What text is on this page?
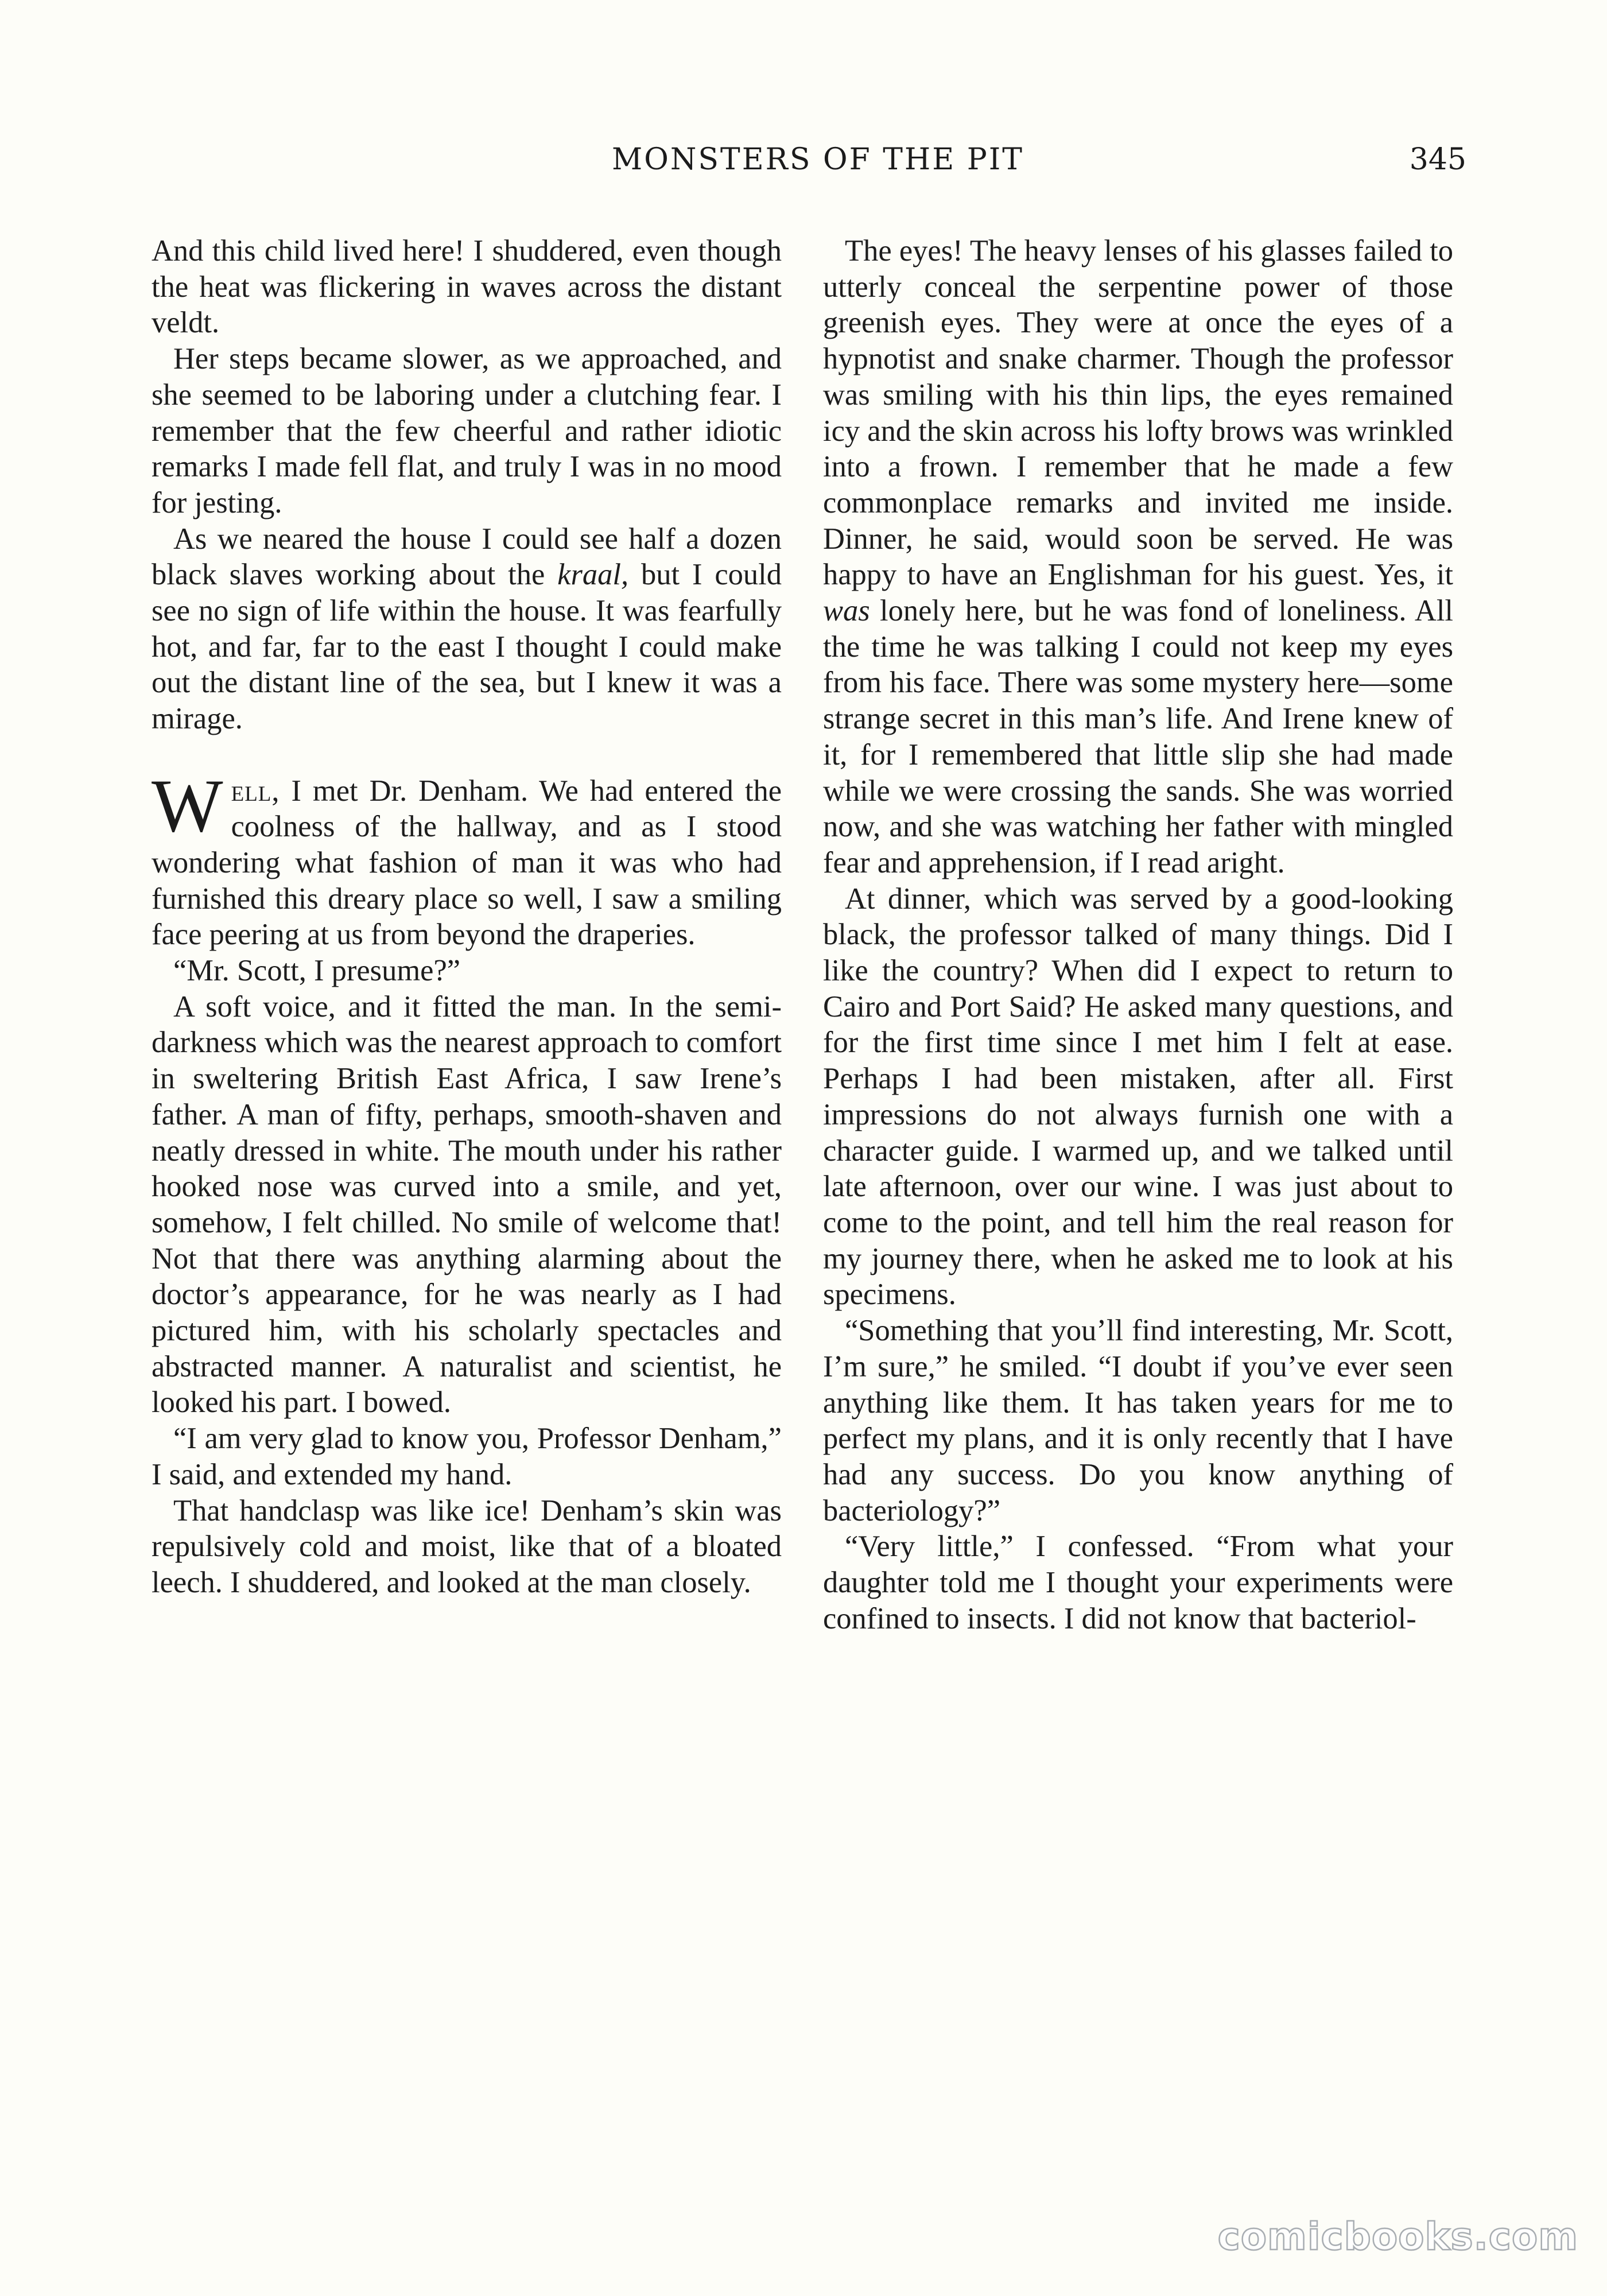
MONSTERS OF THE PIT	345

And this child lived here! I shuddered, even though the heat was flickering in waves across the distant veldt.

Her steps became slower, as we approached, and she seemed to be laboring under a clutching fear. I remember that the few cheerful and rather idiotic remarks I made fell flat, and truly I was in no mood for jesting.

As we neared the house I could see half a dozen black slaves working about the kraal, but I could see no sign of life within the house. It was fearfully hot, and far, far to the east I thought I could make out the distant line of the sea, but I knew it was a mirage.

Well, I met Dr. Denham. We had entered the coolness of the hallway, and as I stood wondering what fashion of man it was who had furnished this dreary place so well, I saw a smiling face peering at us from beyond the draperies.

“Mr. Scott, I presume?”

A soft voice, and it fitted the man. In the semi-darkness which was the nearest approach to comfort in sweltering British East Africa, I saw Irene’s father. A man of fifty, perhaps, smooth-shaven and neatly dressed in white. The mouth under his rather hooked nose was curved into a smile, and yet, somehow, I felt chilled. No smile of welcome that! Not that there was anything alarming about the doctor’s appearance, for he was nearly as I had pictured him, with his scholarly spectacles and abstracted manner. A naturalist and scientist, he looked his part. I bowed.

“I am very glad to know you, Professor Denham,” I said, and extended my hand.

That handclasp was like ice! Denham’s skin was repulsively cold and moist, like that of a bloated leech. I shuddered, and looked at the man closely.

The eyes! The heavy lenses of his glasses failed to utterly conceal the serpentine power of those greenish eyes. They were at once the eyes of a hypnotist and snake charmer. Though the professor was smiling with his thin lips, the eyes remained icy and the skin across his lofty brows was wrinkled into a frown. I remember that he made a few commonplace remarks and invited me inside. Dinner, he said, would soon be served. He was happy to have an Englishman for his guest. Yes, it was lonely here, but he was fond of loneliness. All the time he was talking I could not keep my eyes from his face. There was some mystery here—some strange secret in this man’s life. And Irene knew of it, for I remembered that little slip she had made while we were crossing the sands. She was worried now, and she was watching her father with mingled fear and apprehension, if I read aright.

At dinner, which was served by a good-looking black, the professor talked of many things. Did I like the country? When did I expect to return to Cairo and Port Said? He asked many questions, and for the first time since I met him I felt at ease. Perhaps I had been mistaken, after all. First impressions do not always furnish one with a character guide. I warmed up, and we talked until late afternoon, over our wine. I was just about to come to the point, and tell him the real reason for my journey there, when he asked me to look at his specimens.

“Something that you’ll find interesting, Mr. Scott, I’m sure,” he smiled. “I doubt if you’ve ever seen anything like them. It has taken years for me to perfect my plans, and it is only recently that I have had any success. Do you know anything of bacteriology?”

“Very little,” I confessed. “From what your daughter told me I thought your experiments were confined to insects. I did not know that bacteriol-

comicbooks.com
